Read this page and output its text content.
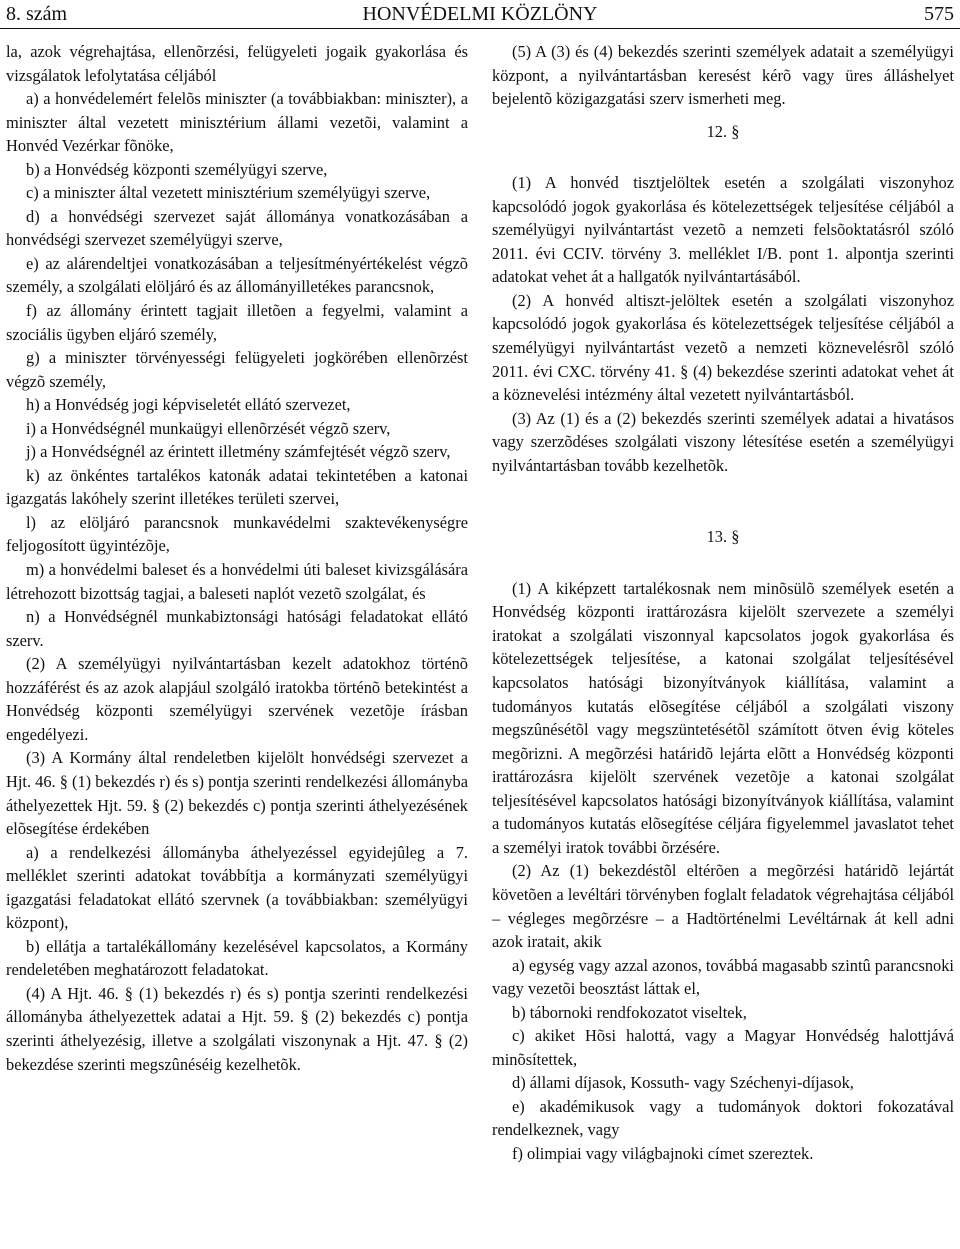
8. szám	HONVÉDELMI KÖZLÖNY	575

la, azok végrehajtása, ellenõrzési, felügyeleti jogaik gyakorlása és vizsgálatok lefolytatása céljából

a) a honvédelemért felelõs miniszter (a továbbiakban: miniszter), a miniszter által vezetett minisztérium állami vezetõi, valamint a Honvéd Vezérkar fõnöke,

b) a Honvédség központi személyügyi szerve,

c) a miniszter által vezetett minisztérium személyügyi szerve,

d) a honvédségi szervezet saját állománya vonatkozásában a honvédségi szervezet személyügyi szerve,

e) az alárendeltjei vonatkozásában a teljesítményértékelést végzõ személy, a szolgálati elöljáró és az állományilletékes parancsnok,

f) az állomány érintett tagjait illetõen a fegyelmi, valamint a szociális ügyben eljáró személy,

g) a miniszter törvényességi felügyeleti jogkörében ellenõrzést végzõ személy,

h) a Honvédség jogi képviseletét ellátó szervezet,

i) a Honvédségnél munkaügyi ellenõrzését végzõ szerv,

j) a Honvédségnél az érintett illetmény számfejtését végzõ szerv,

k) az önkéntes tartalékos katonák adatai tekintetében a katonai igazgatás lakóhely szerint illetékes területi szervei,

l) az elöljáró parancsnok munkavédelmi szaktevékenységre feljogosított ügyintézõje,

m) a honvédelmi baleset és a honvédelmi úti baleset kivizsgálására létrehozott bizottság tagjai, a baleseti naplót vezetõ szolgálat, és

n) a Honvédségnél munkabiztonsági hatósági feladatokat ellátó szerv.

(2) A személyügyi nyilvántartásban kezelt adatokhoz történõ hozzáférést és az azok alapjául szolgáló iratokba történõ betekintést a Honvédség központi személyügyi szervének vezetõje írásban engedélyezi.

(3) A Kormány által rendeletben kijelölt honvédségi szervezet a Hjt. 46. § (1) bekezdés r) és s) pontja szerinti rendelkezési állományba áthelyezettek Hjt. 59. § (2) bekezdés c) pontja szerinti áthelyezésének elõsegítése érdekében

a) a rendelkezési állományba áthelyezéssel egyidejûleg a 7. melléklet szerinti adatokat továbbítja a kormányzati személyügyi igazgatási feladatokat ellátó szervnek (a továbbiakban: személyügyi központ),

b) ellátja a tartalékállomány kezelésével kapcsolatos, a Kormány rendeletében meghatározott feladatokat.

(4) A Hjt. 46. § (1) bekezdés r) és s) pontja szerinti rendelkezési állományba áthelyezettek adatai a Hjt. 59. § (2) bekezdés c) pontja szerinti áthelyezésig, illetve a szolgálati viszonynak a Hjt. 47. § (2) bekezdése szerinti megszûnéséig kezelhetõk.

(5) A (3) és (4) bekezdés szerinti személyek adatait a személyügyi központ, a nyilvántartásban keresést kérõ vagy üres álláshelyet bejelentõ közigazgatási szerv ismerheti meg.

12. §

(1) A honvéd tisztjelöltek esetén a szolgálati viszonyhoz kapcsolódó jogok gyakorlása és kötelezettségek teljesítése céljából a személyügyi nyilvántartást vezetõ a nemzeti felsõoktatásról szóló 2011. évi CCIV. törvény 3. melléklet I/B. pont 1. alpontja szerinti adatokat vehet át a hallgatók nyilvántartásából.

(2) A honvéd altiszt-jelöltek esetén a szolgálati viszonyhoz kapcsolódó jogok gyakorlása és kötelezettségek teljesítése céljából a személyügyi nyilvántartást vezetõ a nemzeti köznevelésrõl szóló 2011. évi CXC. törvény 41. § (4) bekezdése szerinti adatokat vehet át a köznevelési intézmény által vezetett nyilvántartásból.

(3) Az (1) és a (2) bekezdés szerinti személyek adatai a hivatásos vagy szerzõdéses szolgálati viszony létesítése esetén a személyügyi nyilvántartásban tovább kezelhetõk.

13. §

(1) A kiképzett tartalékosnak nem minõsülõ személyek esetén a Honvédség központi irattározásra kijelölt szervezete a személyi iratokat a szolgálati viszonnyal kapcsolatos jogok gyakorlása és kötelezettségek teljesítése, a katonai szolgálat teljesítésével kapcsolatos hatósági bizonyítványok kiállítása, valamint a tudományos kutatás elõsegítése céljából a szolgálati viszony megszûnésétõl vagy megszüntetésétõl számított ötven évig köteles megõrizni. A megõrzési határidõ lejárta elõtt a Honvédség központi irattározásra kijelölt szervének vezetõje a katonai szolgálat teljesítésével kapcsolatos hatósági bizonyítványok kiállítása, valamint a tudományos kutatás elõsegítése céljára figyelemmel javaslatot tehet a személyi iratok további õrzésére.

(2) Az (1) bekezdéstõl eltérõen a megõrzési határidõ lejártát követõen a levéltári törvényben foglalt feladatok végrehajtása céljából – végleges megõrzésre – a Hadtörténelmi Levéltárnak át kell adni azok iratait, akik

a) egység vagy azzal azonos, továbbá magasabb szintû parancsnoki vagy vezetõi beosztást láttak el,

b) tábornoki rendfokozatot viseltek,

c) akiket Hõsi halottá, vagy a Magyar Honvédség halottjává minõsítettek,

d) állami díjasok, Kossuth- vagy Széchenyi-díjasok,

e) akadémikusok vagy a tudományok doktori fokozatával rendelkeznek, vagy

f) olimpiai vagy világbajnoki címet szereztek.
